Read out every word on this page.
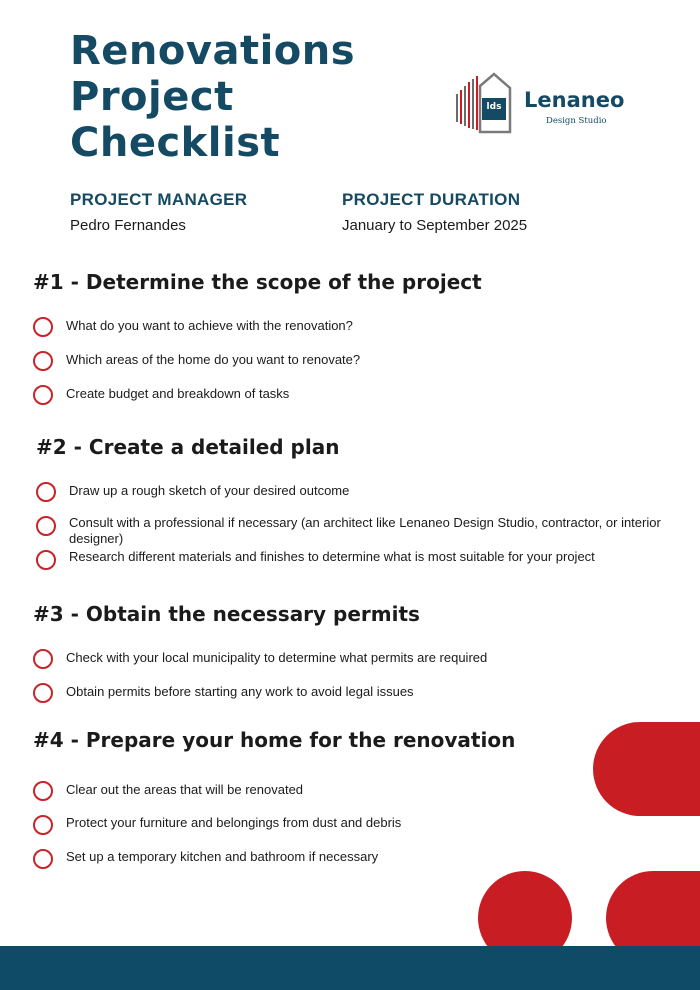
Renovations
Project
Checklist
lds Lenaneo
Design Studio
PROJECT MANAGER
Pedro Fernandes
PROJECT DURATION
January to September 2025
#1 - Determine the scope of the project
What do you want to achieve with the renovation?
Which areas of the home do you want to renovate?
Create budget and breakdown of tasks
#2 - Create a detailed plan
Draw up a rough sketch of your desired outcome
Consult with a professional if necessary (an architect like Lenaneo Design Studio, contractor, or interior designer)
Research different materials and finishes to determine what is most suitable for your project
#3 - Obtain the necessary permits
Check with your local municipality to determine what permits are required
Obtain permits before starting any work to avoid legal issues
#4 - Prepare your home for the renovation
Clear out the areas that will be renovated
Protect your furniture and belongings from dust and debris
Set up a temporary kitchen and bathroom if necessary
